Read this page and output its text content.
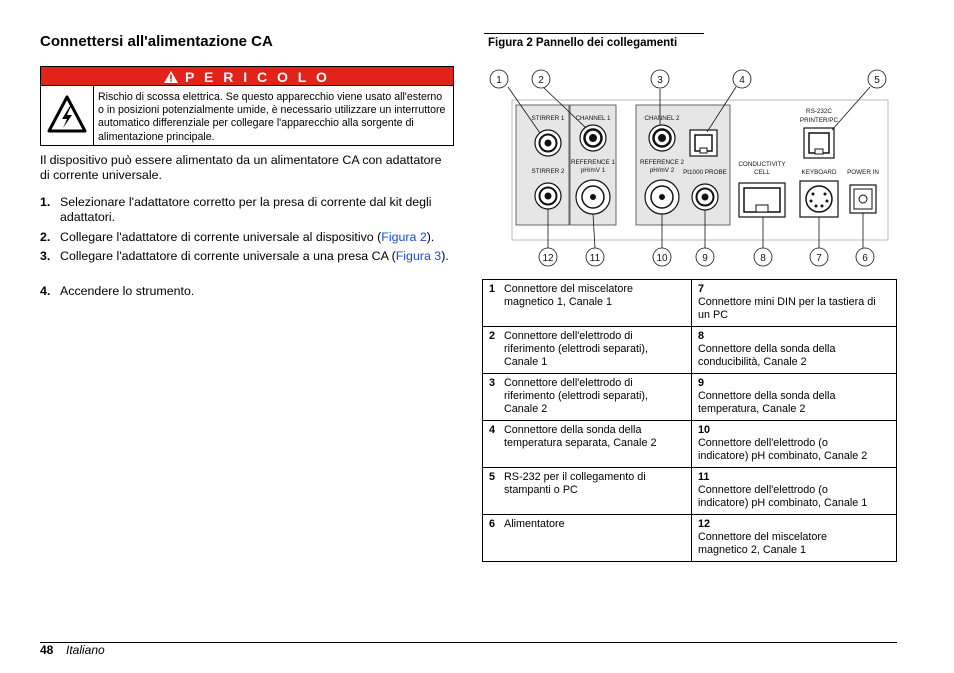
Connettersi all'alimentazione CA
P E R I C O L O
Rischio di scossa elettrica. Se questo apparecchio viene usato all'esterno o in posizioni potenzialmente umide, è necessario utilizzare un interruttore automatico differenziale per collegare l'apparecchio alla sorgente di alimentazione principale.

Il dispositivo può essere alimentato da un alimentatore CA con adattatore di corrente universale.

1. Selezionare l'adattatore corretto per la presa di corrente dal kit degli adattatori.
2. Collegare l'adattatore di corrente universale al dispositivo (Figura 2).
3. Collegare l'adattatore di corrente universale a una presa CA (Figura 3).
4. Accendere lo strumento.
Figura 2 Pannello dei collegamenti
STIRRER 1
STIRRER 2
CHANNEL 1
REFERENCE 1
pH/mV 1
CHANNEL 2
REFERENCE 2
pH/mV 2 Pt1000 PROBE
CONDUCTIVITY
CELL
RS-232C
PRINTER/PC
KEYBOARD POWER IN
1	2	3	4	5
12	11	10	9	8	7	6
1 Connettore del miscelatore magnetico 1, Canale 1	7Connettore mini DIN per la tastiera di un PC
2 Connettore dell'elettrodo di riferimento (elettrodi separati), Canale 1	8Connettore della sonda della conducibilità, Canale 2
3 Connettore dell'elettrodo di riferimento (elettrodi separati), Canale 2	9Connettore della sonda della temperatura, Canale 2
4 Connettore della sonda della temperatura separata, Canale 2	10Connettore dell'elettrodo (o indicatore) pH combinato, Canale 2
5 RS-232 per il collegamento di stampanti o PC	11Connettore dell'elettrodo (o indicatore) pH combinato, Canale 1
6 Alimentatore	12Connettore del miscelatore magnetico 2, Canale 1
48 Italiano
